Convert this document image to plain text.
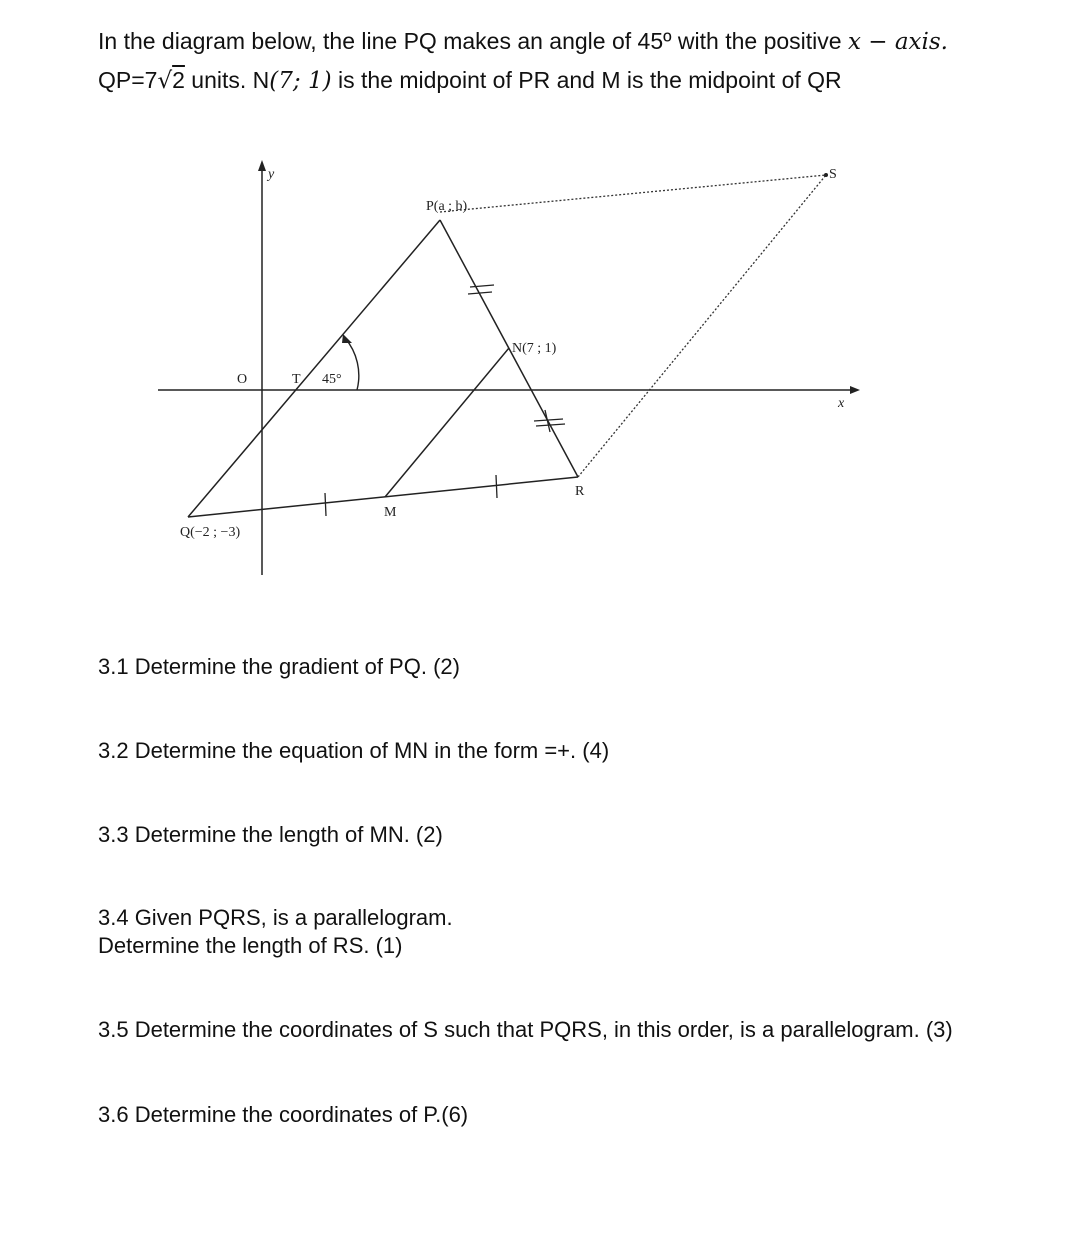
In the diagram below, the line PQ makes an angle of 45º with the positive x − axis.
QP=7√2 units. N(7; 1) is the midpoint of PR and M is the midpoint of QR
y
x
O	T 45°
P(a ; b)
N(7 ; 1)
R
M
Q(−2 ; −3)
S
3.1 Determine the gradient of PQ. (2)
3.2 Determine the equation of MN in the form =+. (4)
3.3 Determine the length of MN. (2)
3.4 Given PQRS, is a parallelogram.
Determine the length of RS. (1)
3.5 Determine the coordinates of S such that PQRS, in this order, is a parallelogram. (3)
3.6 Determine the coordinates of P.(6)
